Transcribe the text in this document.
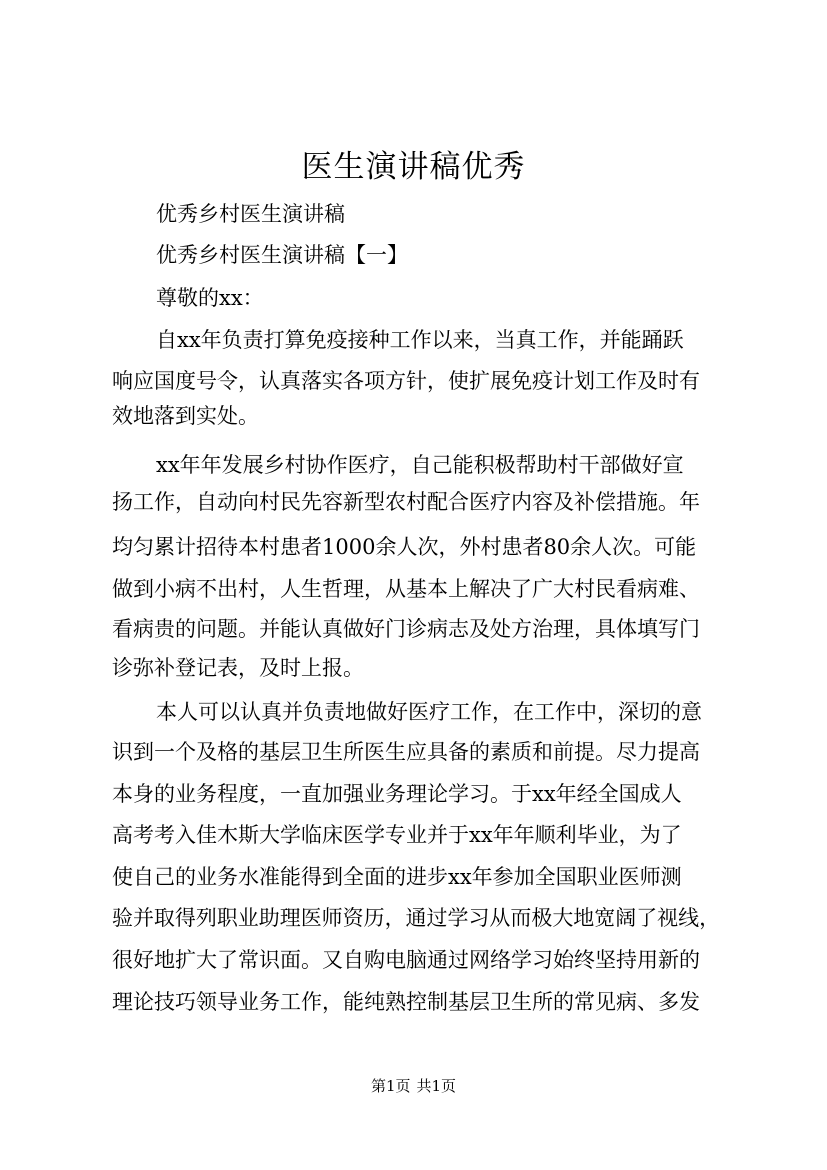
医生演讲稿优秀

优秀乡村医生演讲稿

优秀乡村医生演讲稿【一】

尊敬的xx：

自xx年负责打算免疫接种工作以来，当真工作，并能踊跃

响应国度号令，认真落实各项方针，使扩展免疫计划工作及时有

效地落到实处。

xx年年发展乡村协作医疗，自己能积极帮助村干部做好宣

扬工作，自动向村民先容新型农村配合医疗内容及补偿措施。年

均匀累计招待本村患者1000余人次，外村患者80余人次。可能

做到小病不出村，人生哲理，从基本上解决了广大村民看病难、

看病贵的问题。并能认真做好门诊病志及处方治理，具体填写门

诊弥补登记表，及时上报。

本人可以认真并负责地做好医疗工作，在工作中，深切的意

识到一个及格的基层卫生所医生应具备的素质和前提。尽力提高

本身的业务程度，一直加强业务理论学习。于xx年经全国成人

高考考入佳木斯大学临床医学专业并于xx年年顺利毕业，为了

使自己的业务水准能得到全面的进步xx年参加全国职业医师测

验并取得列职业助理医师资历，通过学习从而极大地宽阔了视线，

很好地扩大了常识面。又自购电脑通过网络学习始终坚持用新的

理论技巧领导业务工作，能纯熟控制基层卫生所的常见病、多发

第1页 共1页
